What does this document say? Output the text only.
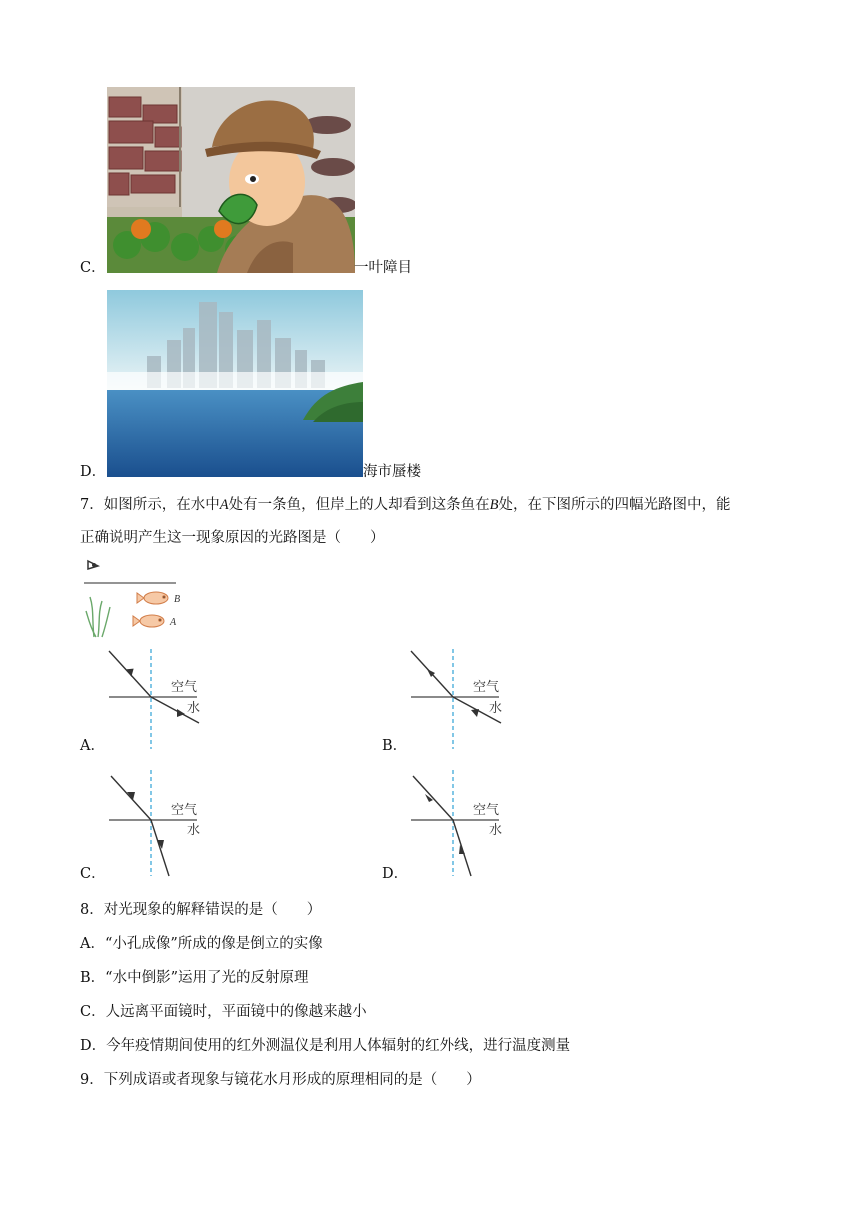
C．	一叶障目
D．	海市蜃楼
7．如图所示，在水中A处有一条鱼，但岸上的人却看到这条鱼在B处，在下图所示的四幅光路图中，能
正确说明产生这一现象原因的光路图是（　　）
B
A
空气
水
A．
空气
水
B．
空气
水
C．
空气
水
D．
8．对光现象的解释错误的是（　　）
A．“小孔成像”所成的像是倒立的实像
B．“水中倒影”运用了光的反射原理
C．人远离平面镜时，平面镜中的像越来越小
D．今年疫情期间使用的红外测温仪是利用人体辐射的红外线，进行温度测量
9．下列成语或者现象与镜花水月形成的原理相同的是（　　）
